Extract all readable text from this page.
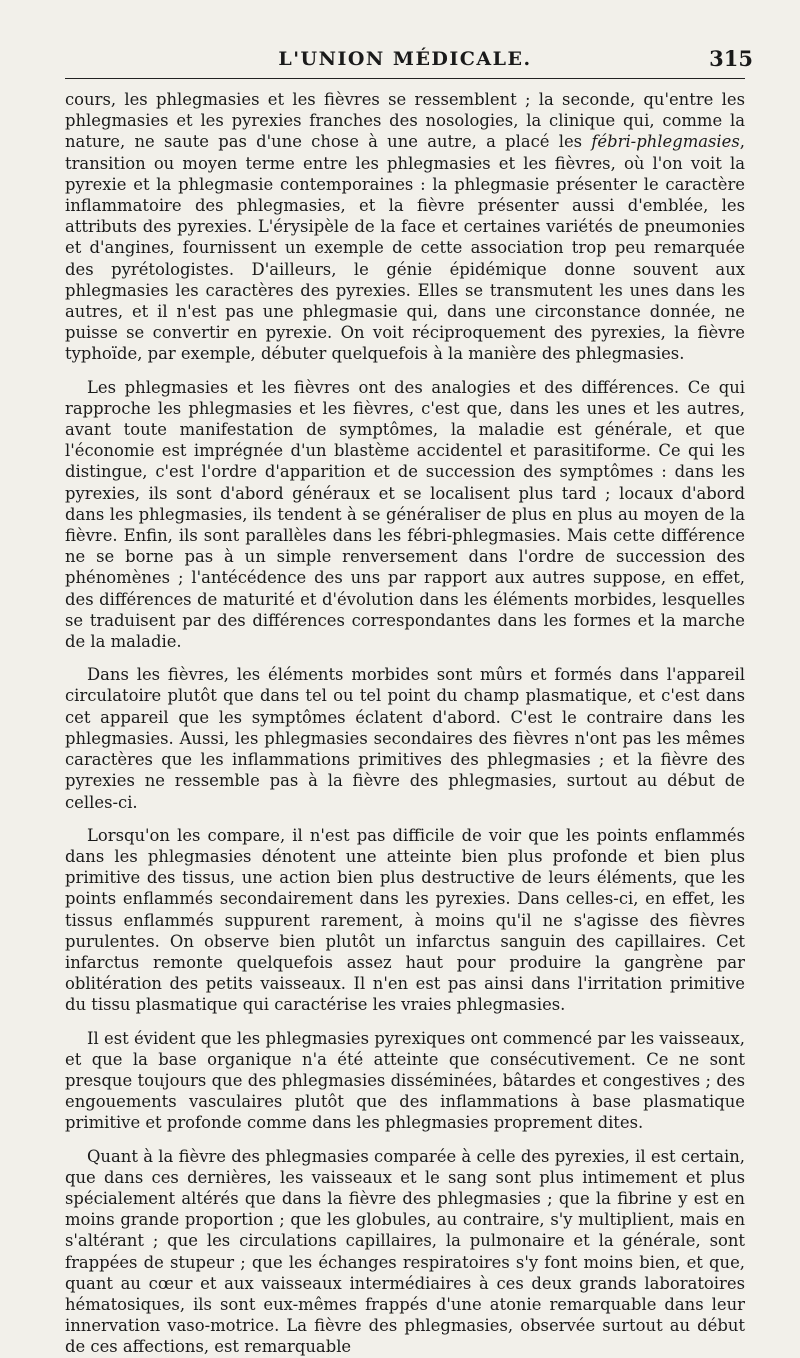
L'UNION MÉDICALE.	315

cours, les phlegmasies et les fièvres se ressemblent ; la seconde, qu'entre les phlegmasies et les pyrexies franches des nosologies, la clinique qui, comme la nature, ne saute pas d'une chose à une autre, a placé les fébri-phlegmasies, transition ou moyen terme entre les phlegmasies et les fièvres, où l'on voit la pyrexie et la phlegmasie contemporaines : la phlegmasie présenter le caractère inflammatoire des phlegmasies, et la fièvre présenter aussi d'emblée, les attributs des pyrexies. L'érysipèle de la face et certaines variétés de pneumonies et d'angines, fournissent un exemple de cette association trop peu remarquée des pyrétologistes. D'ailleurs, le génie épidémique donne souvent aux phlegmasies les caractères des pyrexies. Elles se transmutent les unes dans les autres, et il n'est pas une phlegmasie qui, dans une circonstance donnée, ne puisse se convertir en pyrexie. On voit réciproquement des pyrexies, la fièvre typhoïde, par exemple, débuter quelquefois à la manière des phlegmasies.

Les phlegmasies et les fièvres ont des analogies et des différences. Ce qui rapproche les phlegmasies et les fièvres, c'est que, dans les unes et les autres, avant toute manifestation de symptômes, la maladie est générale, et que l'économie est imprégnée d'un blastème accidentel et parasitiforme. Ce qui les distingue, c'est l'ordre d'apparition et de succession des symptômes : dans les pyrexies, ils sont d'abord généraux et se localisent plus tard ; locaux d'abord dans les phlegmasies, ils tendent à se généraliser de plus en plus au moyen de la fièvre. Enfin, ils sont parallèles dans les fébri-phlegmasies. Mais cette différence ne se borne pas à un simple renversement dans l'ordre de succession des phénomènes ; l'antécédence des uns par rapport aux autres suppose, en effet, des différences de maturité et d'évolution dans les éléments morbides, lesquelles se traduisent par des différences correspondantes dans les formes et la marche de la maladie.

Dans les fièvres, les éléments morbides sont mûrs et formés dans l'appareil circulatoire plutôt que dans tel ou tel point du champ plasmatique, et c'est dans cet appareil que les symptômes éclatent d'abord. C'est le contraire dans les phlegmasies. Aussi, les phlegmasies secondaires des fièvres n'ont pas les mêmes caractères que les inflammations primitives des phlegmasies ; et la fièvre des pyrexies ne ressemble pas à la fièvre des phlegmasies, surtout au début de celles-ci.

Lorsqu'on les compare, il n'est pas difficile de voir que les points enflammés dans les phlegmasies dénotent une atteinte bien plus profonde et bien plus primitive des tissus, une action bien plus destructive de leurs éléments, que les points enflammés secondairement dans les pyrexies. Dans celles-ci, en effet, les tissus enflammés suppurent rarement, à moins qu'il ne s'agisse des fièvres purulentes. On observe bien plutôt un infarctus sanguin des capillaires. Cet infarctus remonte quelquefois assez haut pour produire la gangrène par oblitération des petits vaisseaux. Il n'en est pas ainsi dans l'irritation primitive du tissu plasmatique qui caractérise les vraies phlegmasies.

Il est évident que les phlegmasies pyrexiques ont commencé par les vaisseaux, et que la base organique n'a été atteinte que consécutivement. Ce ne sont presque toujours que des phlegmasies disséminées, bâtardes et congestives ; des engouements vasculaires plutôt que des inflammations à base plasmatique primitive et profonde comme dans les phlegmasies proprement dites.

Quant à la fièvre des phlegmasies comparée à celle des pyrexies, il est certain, que dans ces dernières, les vaisseaux et le sang sont plus intimement et plus spécialement altérés que dans la fièvre des phlegmasies ; que la fibrine y est en moins grande proportion ; que les globules, au contraire, s'y multiplient, mais en s'altérant ; que les circulations capillaires, la pulmonaire et la générale, sont frappées de stupeur ; que les échanges respiratoires s'y font moins bien, et que, quant au cœur et aux vaisseaux intermédiaires à ces deux grands laboratoires hématosiques, ils sont eux-mêmes frappés d'une atonie remarquable dans leur innervation vaso-motrice. La fièvre des phlegmasies, observée surtout au début de ces affections, est remarquable
